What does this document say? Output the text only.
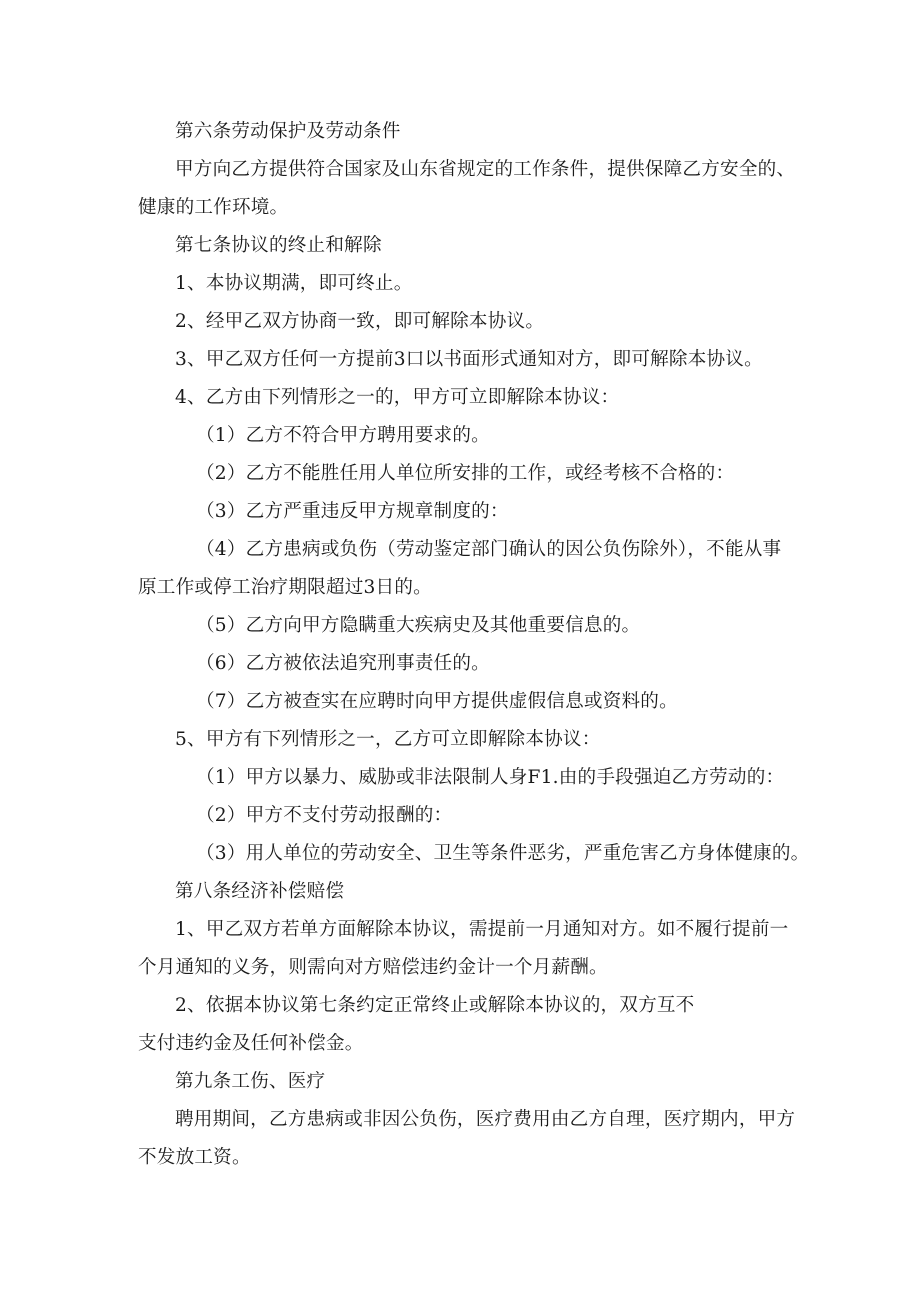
第六条劳动保护及劳动条件
甲方向乙方提供符合国家及山东省规定的工作条件，提供保障乙方安全的、
健康的工作环境。
第七条协议的终止和解除
1、本协议期满，即可终止。
2、经甲乙双方协商一致，即可解除本协议。
3、甲乙双方任何一方提前3口以书面形式通知对方，即可解除本协议。
4、乙方由下列情形之一的，甲方可立即解除本协议：
（1）乙方不符合甲方聘用要求的。
（2）乙方不能胜任用人单位所安排的工作，或经考核不合格的：
（3）乙方严重违反甲方规章制度的：
（4）乙方患病或负伤（劳动鉴定部门确认的因公负伤除外），不能从事
原工作或停工治疗期限超过3日的。
（5）乙方向甲方隐瞒重大疾病史及其他重要信息的。
（6）乙方被依法追究刑事责任的。
（7）乙方被查实在应聘时向甲方提供虚假信息或资料的。
5、甲方有下列情形之一，乙方可立即解除本协议：
（1）甲方以暴力、威胁或非法限制人身F1.由的手段强迫乙方劳动的：
（2）甲方不支付劳动报酬的：
（3）用人单位的劳动安全、卫生等条件恶劣，严重危害乙方身体健康的。
第八条经济补偿赔偿
1、甲乙双方若单方面解除本协议，需提前一月通知对方。如不履行提前一
个月通知的义务，则需向对方赔偿违约金计一个月薪酬。
2、依据本协议第七条约定正常终止或解除本协议的，双方互不
支付违约金及任何补偿金。
第九条工伤、医疗
聘用期间，乙方患病或非因公负伤，医疗费用由乙方自理，医疗期内，甲方
不发放工资。
